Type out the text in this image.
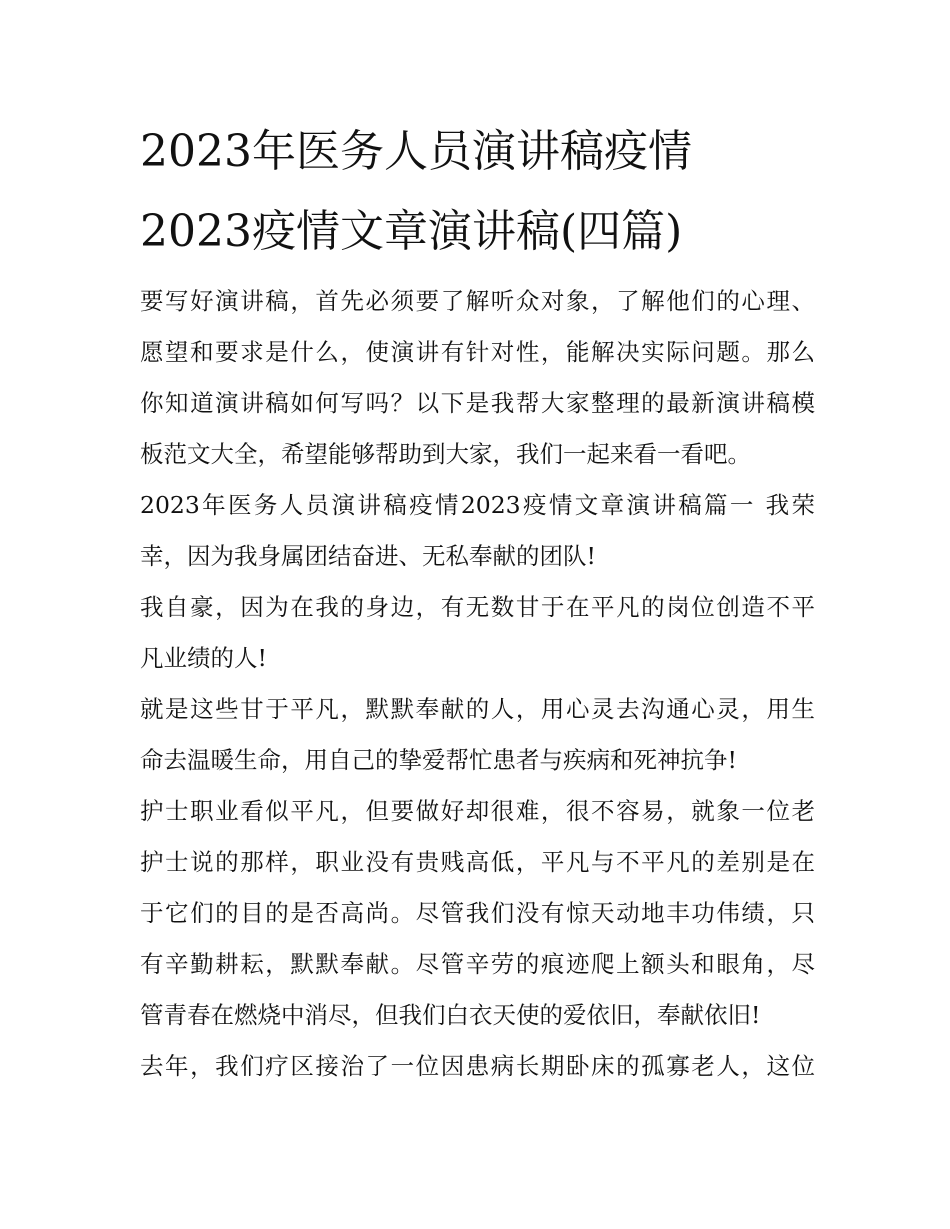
2023年医务人员演讲稿疫情
2023疫情文章演讲稿(四篇)
要写好演讲稿，首先必须要了解听众对象，了解他们的心理、
愿望和要求是什么，使演讲有针对性，能解决实际问题。那么
你知道演讲稿如何写吗？以下是我帮大家整理的最新演讲稿模
板范文大全，希望能够帮助到大家，我们一起来看一看吧。
2023年医务人员演讲稿疫情2023疫情文章演讲稿篇一 我荣
幸，因为我身属团结奋进、无私奉献的团队!
我自豪，因为在我的身边，有无数甘于在平凡的岗位创造不平
凡业绩的人!
就是这些甘于平凡，默默奉献的人，用心灵去沟通心灵，用生
命去温暖生命，用自己的挚爱帮忙患者与疾病和死神抗争!
护士职业看似平凡，但要做好却很难，很不容易，就象一位老
护士说的那样，职业没有贵贱高低，平凡与不平凡的差别是在
于它们的目的是否高尚。尽管我们没有惊天动地丰功伟绩，只
有辛勤耕耘，默默奉献。尽管辛劳的痕迹爬上额头和眼角，尽
管青春在燃烧中消尽，但我们白衣天使的爱依旧，奉献依旧!
去年，我们疗区接治了一位因患病长期卧床的孤寡老人，这位
